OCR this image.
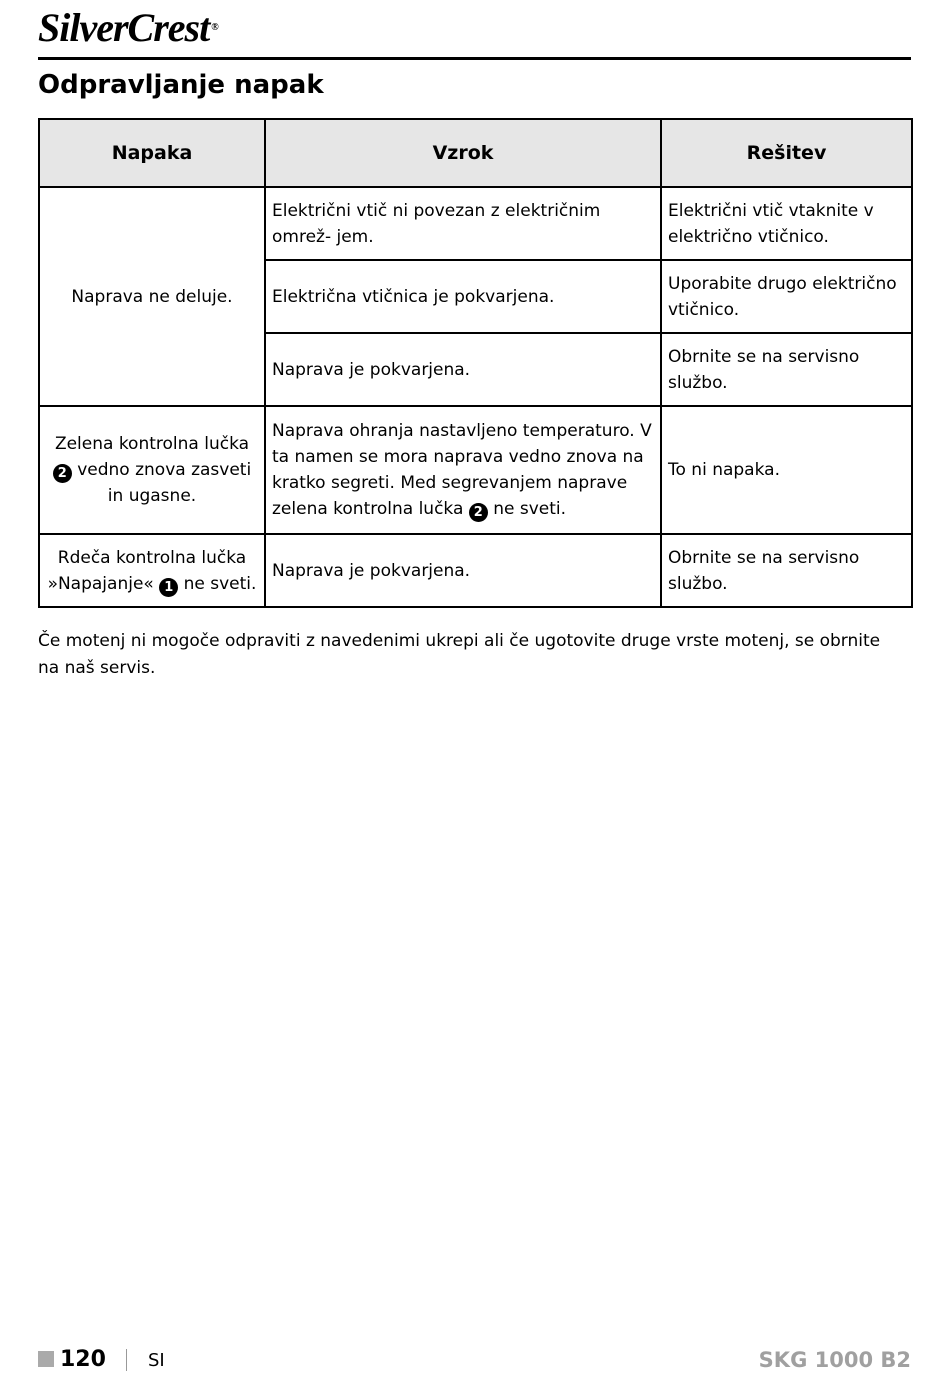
SilverCrest ®
Odpravljanje napak
Napaka	Vzrok	Rešitev
Naprava ne deluje.	Električni vtič ni povezan z električnim omrež- jem.	Električni vtič vtaknite v električno vtičnico.
	Električna vtičnica je pokvarjena.	Uporabite drugo električno vtičnico.
	Naprava je pokvarjena.	Obrnite se na servisno službo.
Zelena kontrolna lučka 2 vedno znova zasveti in ugasne.	Naprava ohranja nastavljeno temperaturo. V ta namen se mora naprava vedno znova na kratko segreti. Med segrevanjem naprave zelena kontrolna lučka 2 ne sveti.	To ni napaka.
Rdeča kontrolna lučka »Napajanje« 1 ne sveti.	Naprava je pokvarjena.	Obrnite se na servisno službo.

Če motenj ni mogoče odpraviti z navedenimi ukrepi ali če ugotovite druge vrste motenj, se obrnite na naš servis.

120 SI	SKG 1000 B2
